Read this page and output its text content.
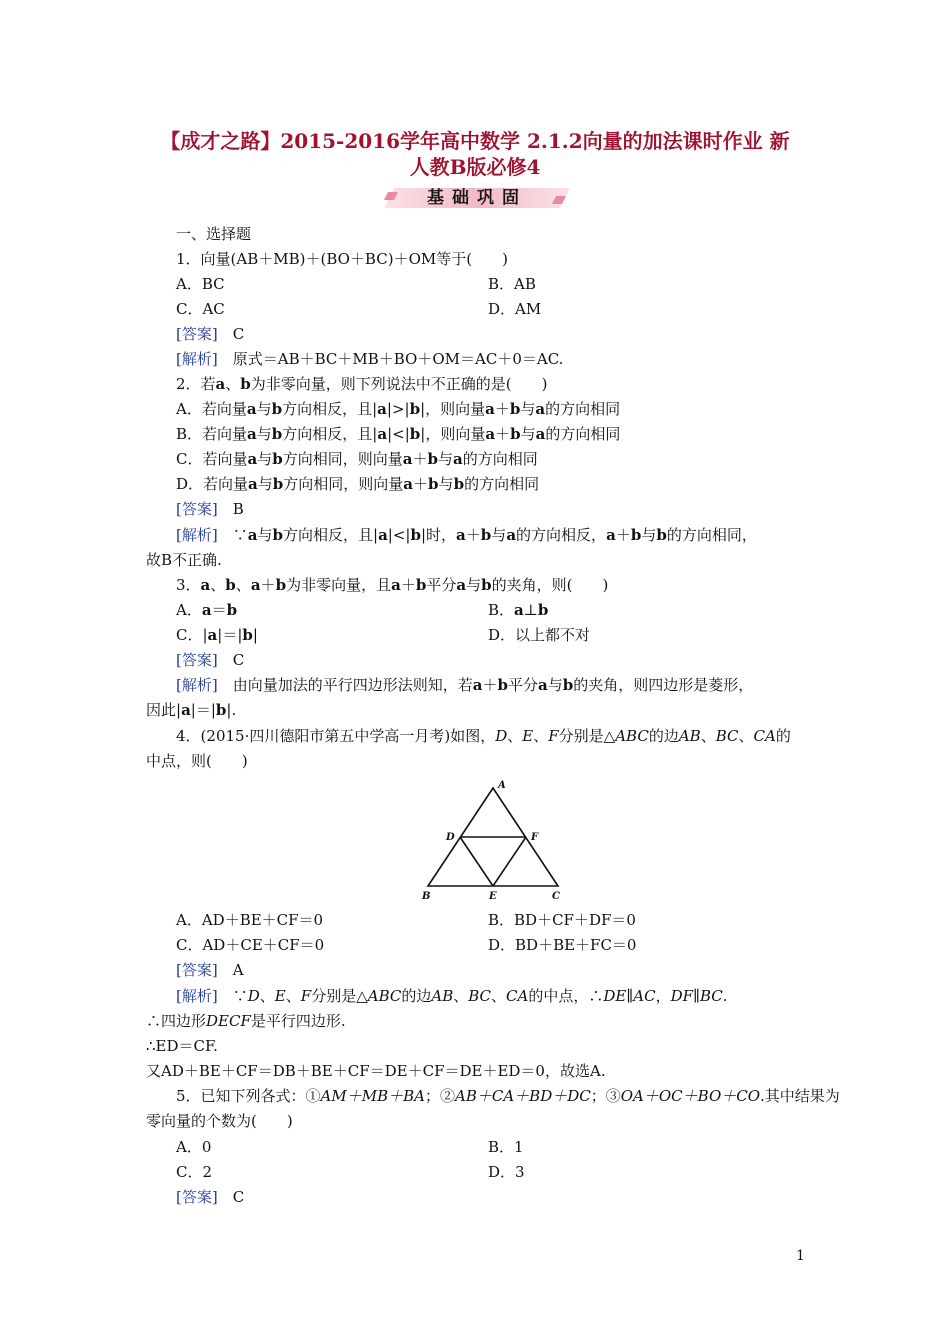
【成才之路】2015-2016学年高中数学 2.1.2向量的加法课时作业 新
人教B版必修4
基础巩固
一、选择题
1．向量(AB＋MB)＋(BO＋BC)＋OM等于(　　)
A．BC	B．AB
C．AC	D．AM
[答案]　 C
[解析]　 原式＝AB＋BC＋MB＋BO＋OM＝AC＋0＝AC.
2．若a、b为非零向量，则下列说法中不正确的是(　　)
A．若向量a与b方向相反，且|a|>|b|，则向量a＋b与a的方向相同
B．若向量a与b方向相反，且|a|<|b|，则向量a＋b与a的方向相同
C．若向量a与b方向相同，则向量a＋b与a的方向相同
D．若向量a与b方向相同，则向量a＋b与b的方向相同
[答案]　 B
[解析]　 ∵a与b方向相反，且|a|<|b|时，a＋b与a的方向相反，a＋b与b的方向相同，
故B不正确.
3．a、b、a＋b为非零向量，且a＋b平分a与b的夹角，则(　　)
A．a＝b	B．a⊥b
C．|a|＝|b|	D．以上都不对
[答案]　 C
[解析]　 由向量加法的平行四边形法则知，若a＋b平分a与b的夹角，则四边形是菱形，
因此|a|＝|b|.
4．(2015·四川德阳市第五中学高一月考)如图，D、E、F分别是△ABC的边AB、BC、CA的
中点，则(　　)
A
D	F
B	E	C
A．AD＋BE＋CF＝0	B．BD＋CF＋DF＝0
C．AD＋CE＋CF＝0	D．BD＋BE＋FC＝0
[答案]　 A
[解析]　 ∵D、E、F分别是△ABC的边AB、BC、CA的中点，∴DE∥AC，DF∥BC.
∴四边形DECF是平行四边形.
∴ED＝CF.
又AD＋BE＋CF＝DB＋BE＋CF＝DE＋CF＝DE＋ED＝0，故选A.
5．已知下列各式：①AM＋MB＋BA；②AB＋CA＋BD＋DC；③OA＋OC＋BO＋CO.其中结果为
零向量的个数为(　　)
A．0	B．1
C．2	D．3
[答案]　 C
1
